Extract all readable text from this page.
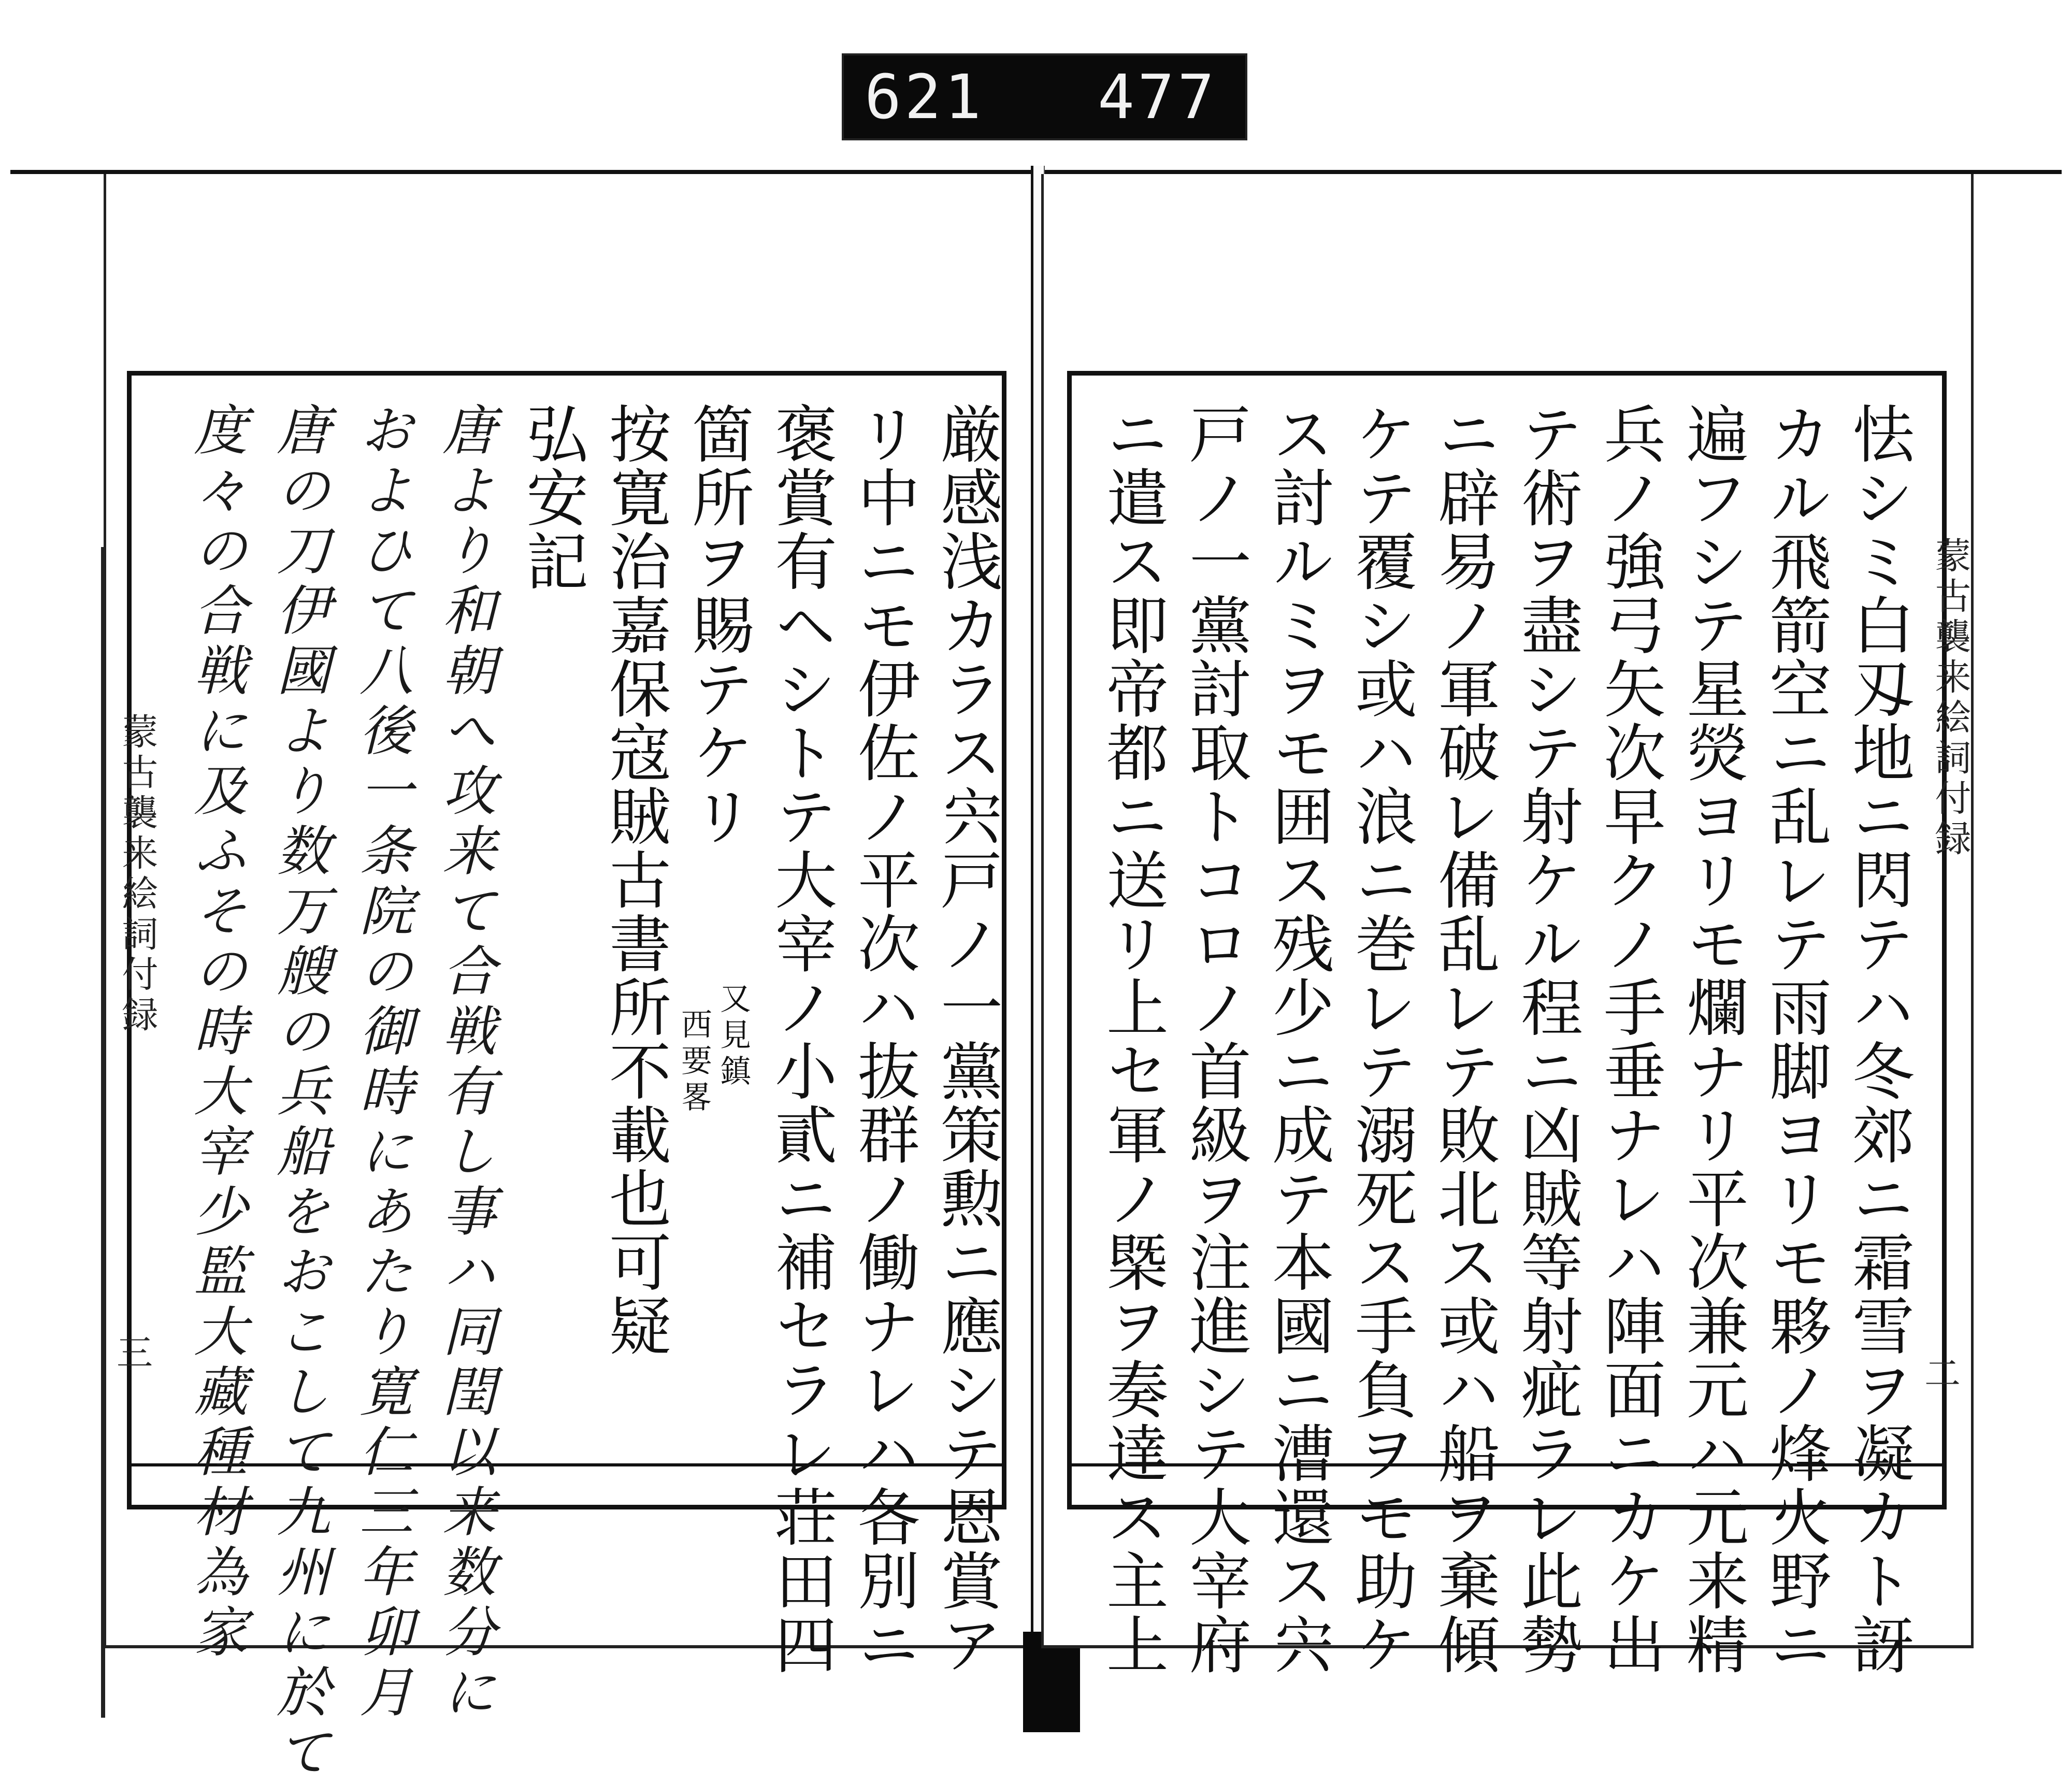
621 477
蒙古襲来絵詞付録
三	厳感浅カラス宍戸ノ一黨策勲ニ應シテ恩賞ア
リ中ニモ伊佐ノ平次ハ抜群ノ働ナレハ各別ニ
褒賞有ヘシトテ大宰ノ小貳ニ補セラレ荘田四
箇所ヲ賜テケリ
按寛治嘉保寇賊古書所不載也可疑
弘安記
唐より和朝へ攻来て合戦有し事ハ同閏以来数分に
およひて八後一条院の御時にあたり寛仁三年卯月
唐の刀伊國より数万艘の兵船をおこして九州に於て
度々の合戦に及ふその時大宰少監大藏種材為家	又見鎮
西要畧
蒙古襲来絵詞付録
二
怯シミ白刄地ニ閃テハ冬郊ニ霜雪ヲ凝カト訝
カル飛箭空ニ乱レテ雨脚ヨリモ夥ノ烽火野ニ
遍フシテ星熒ヨリモ爛ナリ平次兼元ハ元来精
兵ノ強弓矢次早クノ手垂ナレハ陣面ニカケ出
テ術ヲ盡シテ射ケル程ニ凶賊等射疵ラレ此勢
ニ辟易ノ軍破レ備乱レテ敗北ス或ハ船ヲ棄傾
ケテ覆シ或ハ浪ニ巻レテ溺死ス手負ヲモ助ケ
ス討ルミヲモ囲ス残少ニ成テ本國ニ漕還ス宍
戸ノ一黨討取トコロノ首級ヲ注進シテ大宰府
ニ遣ス即帝都ニ送リ上セ軍ノ槩ヲ奏達ス主上
